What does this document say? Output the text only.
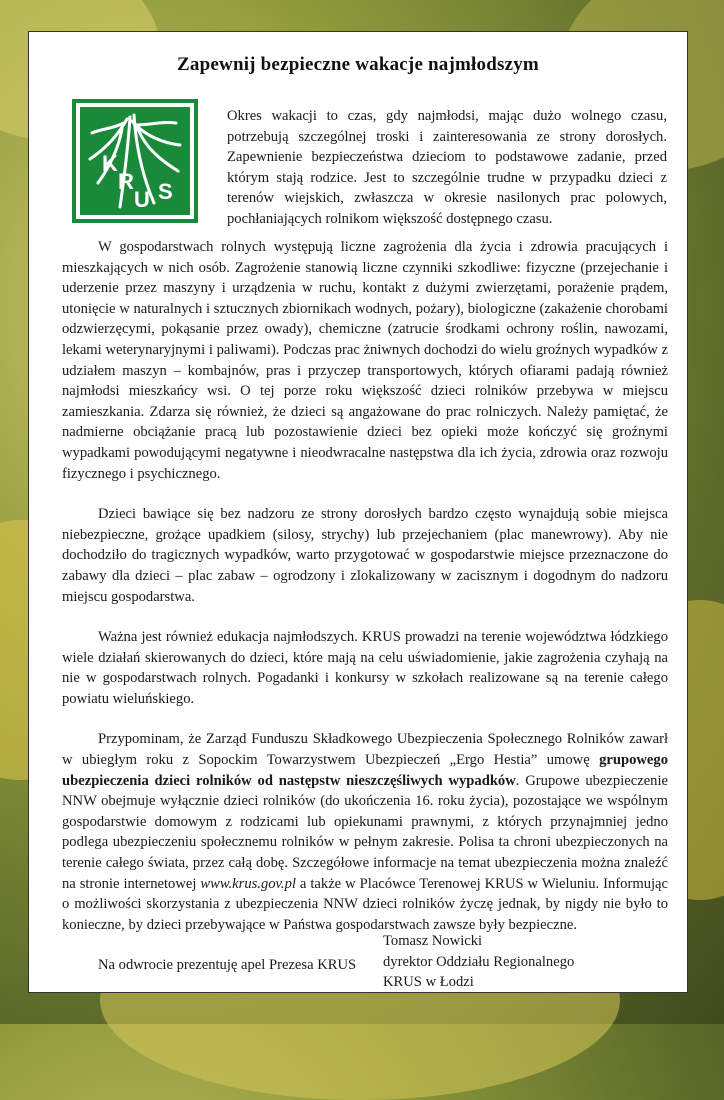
Zapewnij bezpieczne wakacje najmłodszym
K
R
U S
Okres wakacji to czas, gdy najmłodsi, mając dużo wolnego czasu, potrzebują szczególnej troski i zainteresowania ze strony dorosłych. Zapewnienie bezpieczeństwa dzieciom to podstawowe zadanie, przed którym stają rodzice. Jest to szczególnie trudne w przypadku dzieci z terenów wiejskich, zwłaszcza w okresie nasilonych prac polowych, pochłaniających rolnikom większość dostępnego czasu.

W gospodarstwach rolnych występują liczne zagrożenia dla życia i zdrowia pracujących i mieszkających w nich osób. Zagrożenie stanowią liczne czynniki szkodliwe: fizyczne (przejechanie i uderzenie przez maszyny i urządzenia w ruchu, kontakt z dużymi zwierzętami, porażenie prądem, utonięcie w naturalnych i sztucznych zbiornikach wodnych, pożary), biologiczne (zakażenie chorobami odzwierzęcymi, pokąsanie przez owady), chemiczne (zatrucie środkami ochrony roślin, nawozami, lekami weterynaryjnymi i paliwami). Podczas prac żniwnych dochodzi do wielu groźnych wypadków z udziałem maszyn – kombajnów, pras i przyczep transportowych, których ofiarami padają również najmłodsi mieszkańcy wsi. O tej porze roku większość dzieci rolników przebywa w miejscu zamieszkania. Zdarza się również, że dzieci są angażowane do prac rolniczych. Należy pamiętać, że nadmierne obciążanie pracą lub pozostawienie dzieci bez opieki może kończyć się groźnymi wypadkami powodującymi negatywne i nieodwracalne następstwa dla ich życia, zdrowia oraz rozwoju fizycznego i psychicznego.

Dzieci bawiące się bez nadzoru ze strony dorosłych bardzo często wynajdują sobie miejsca niebezpieczne, grożące upadkiem (silosy, strychy) lub przejechaniem (plac manewrowy). Aby nie dochodziło do tragicznych wypadków, warto przygotować w gospodarstwie miejsce przeznaczone do zabawy dla dzieci – plac zabaw – ogrodzony i zlokalizowany w zacisznym i dogodnym do nadzoru miejscu gospodarstwa.

Ważna jest również edukacja najmłodszych. KRUS prowadzi na terenie województwa łódzkiego wiele działań skierowanych do dzieci, które mają na celu uświadomienie, jakie zagrożenia czyhają na nie w gospodarstwach rolnych. Pogadanki i konkursy w szkołach realizowane są na terenie całego powiatu wieluńskiego.

Przypominam, że Zarząd Funduszu Składkowego Ubezpieczenia Społecznego Rolników zawarł w ubiegłym roku z Sopockim Towarzystwem Ubezpieczeń „Ergo Hestia” umowę grupowego ubezpieczenia dzieci rolników od następstw nieszczęśliwych wypadków. Grupowe ubezpieczenie NNW obejmuje wyłącznie dzieci rolników (do ukończenia 16. roku życia), pozostające we wspólnym gospodarstwie domowym z rodzicami lub opiekunami prawnymi, z których przynajmniej jedno podlega ubezpieczeniu społecznemu rolników w pełnym zakresie. Polisa ta chroni ubezpieczonych na terenie całego świata, przez całą dobę. Szczegółowe informacje na temat ubezpieczenia można znaleźć na stronie internetowej www.krus.gov.pl a także w Placówce Terenowej KRUS w Wieluniu. Informując o możliwości skorzystania z ubezpieczenia NNW dzieci rolników życzę jednak, by nigdy nie było to konieczne, by dzieci przebywające w Państwa gospodarstwach zawsze były bezpieczne.

Na odwrocie prezentuję apel Prezesa KRUS

Tomasz Nowicki
dyrektor Oddziału Regionalnego
KRUS w Łodzi
